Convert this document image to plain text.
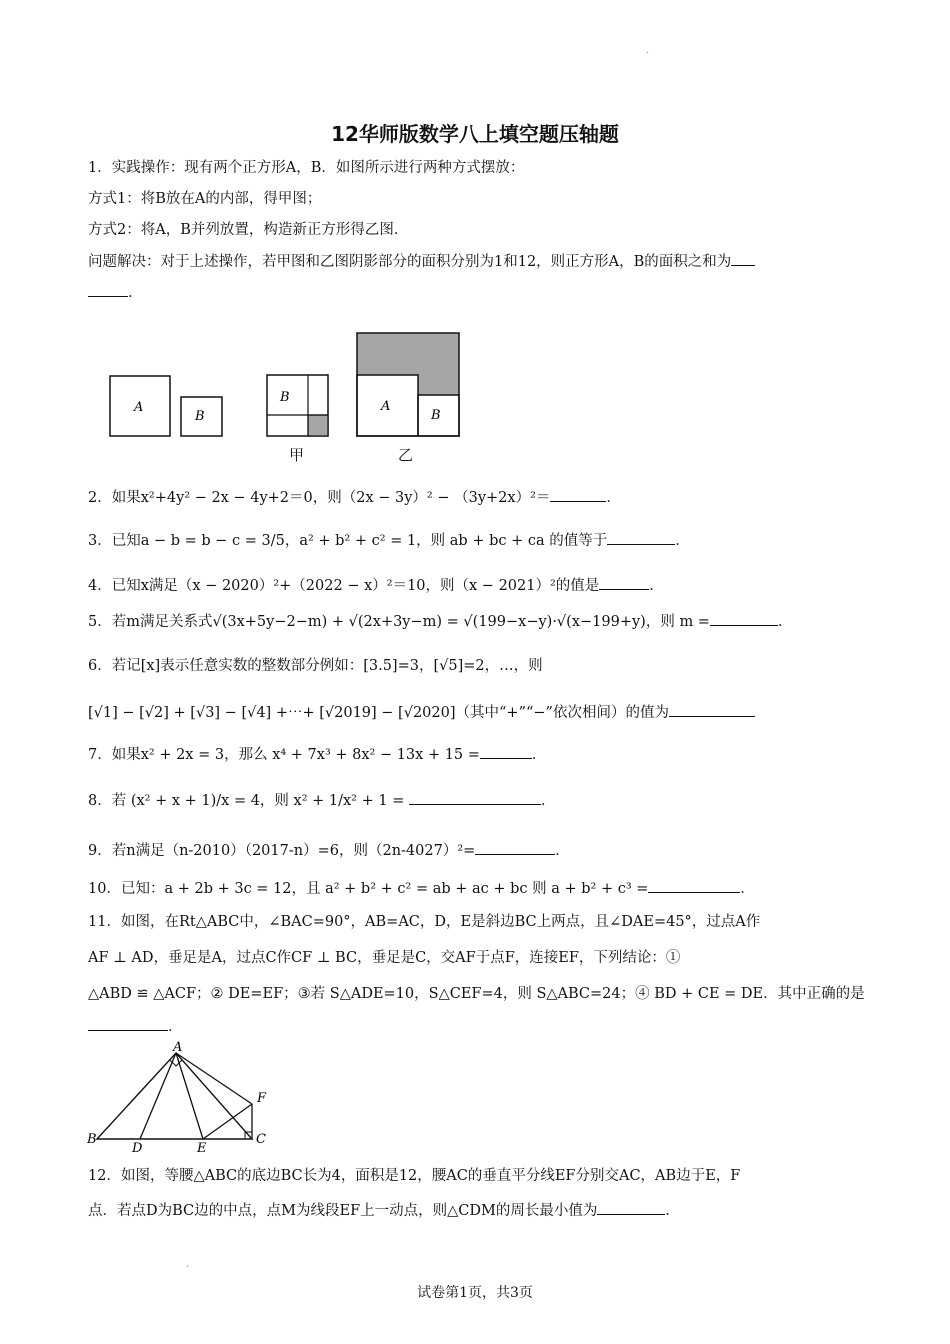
·
12华师版数学八上填空题压轴题
1．实践操作：现有两个正方形A，B．如图所示进行两种方式摆放：
方式1：将B放在A的内部，得甲图；
方式2：将A，B并列放置，构造新正方形得乙图．
问题解决：对于上述操作，若甲图和乙图阴影部分的面积分别为1和12，则正方形A，B的面积之和为
．
A
B
B
A
B
甲	乙
2．如果x²+4y² − 2x − 4y+2＝0，则（2x − 3y）² − （3y+2x）²＝	．
3．已知a − b = b − c = 3/5，a² + b² + c² = 1，则 ab + bc + ca 的值等于	．
4．已知x满足（x − 2020）²+（2022 − x）²＝10，则（x − 2021）²的值是	．
5．若m满足关系式√(3x+5y−2−m) + √(2x+3y−m) = √(199−x−y)·√(x−199+y)，则 m =	．
6．若记[x]表示任意实数的整数部分例如：[3.5]=3，[√5]=2，…，则
[√1] − [√2] + [√3] − [√4] +⋯+ [√2019] − [√2020]（其中“+”“−”依次相间）的值为
7．如果x² + 2x = 3，那么 x⁴ + 7x³ + 8x² − 13x + 15 =	．
8．若 (x² + x + 1)/x = 4，则 x² + 1/x² + 1 =	．
9．若n满足（n-2010）（2017-n）=6，则（2n-4027）²=	．
10．已知：a + 2b + 3c = 12，且 a² + b² + c² = ab + ac + bc 则 a + b² + c³ =	．
11．如图，在Rt△ABC中，∠BAC=90°，AB=AC，D，E是斜边BC上两点，且∠DAE=45°，过点A作
AF ⊥ AD，垂足是A，过点C作CF ⊥ BC，垂足是C，交AF于点F，连接EF，下列结论：①
△ABD ≌ △ACF；② DE=EF；③若 S△ADE=10，S△CEF=4，则 S△ABC=24；④ BD + CE = DE．其中正确的是
．
A
B	C
D	E
F
12．如图，等腰△ABC的底边BC长为4，面积是12，腰AC的垂直平分线EF分别交AC，AB边于E，F
点．若点D为BC边的中点，点M为线段EF上一动点，则△CDM的周长最小值为	．
·
试卷第1页，共3页
